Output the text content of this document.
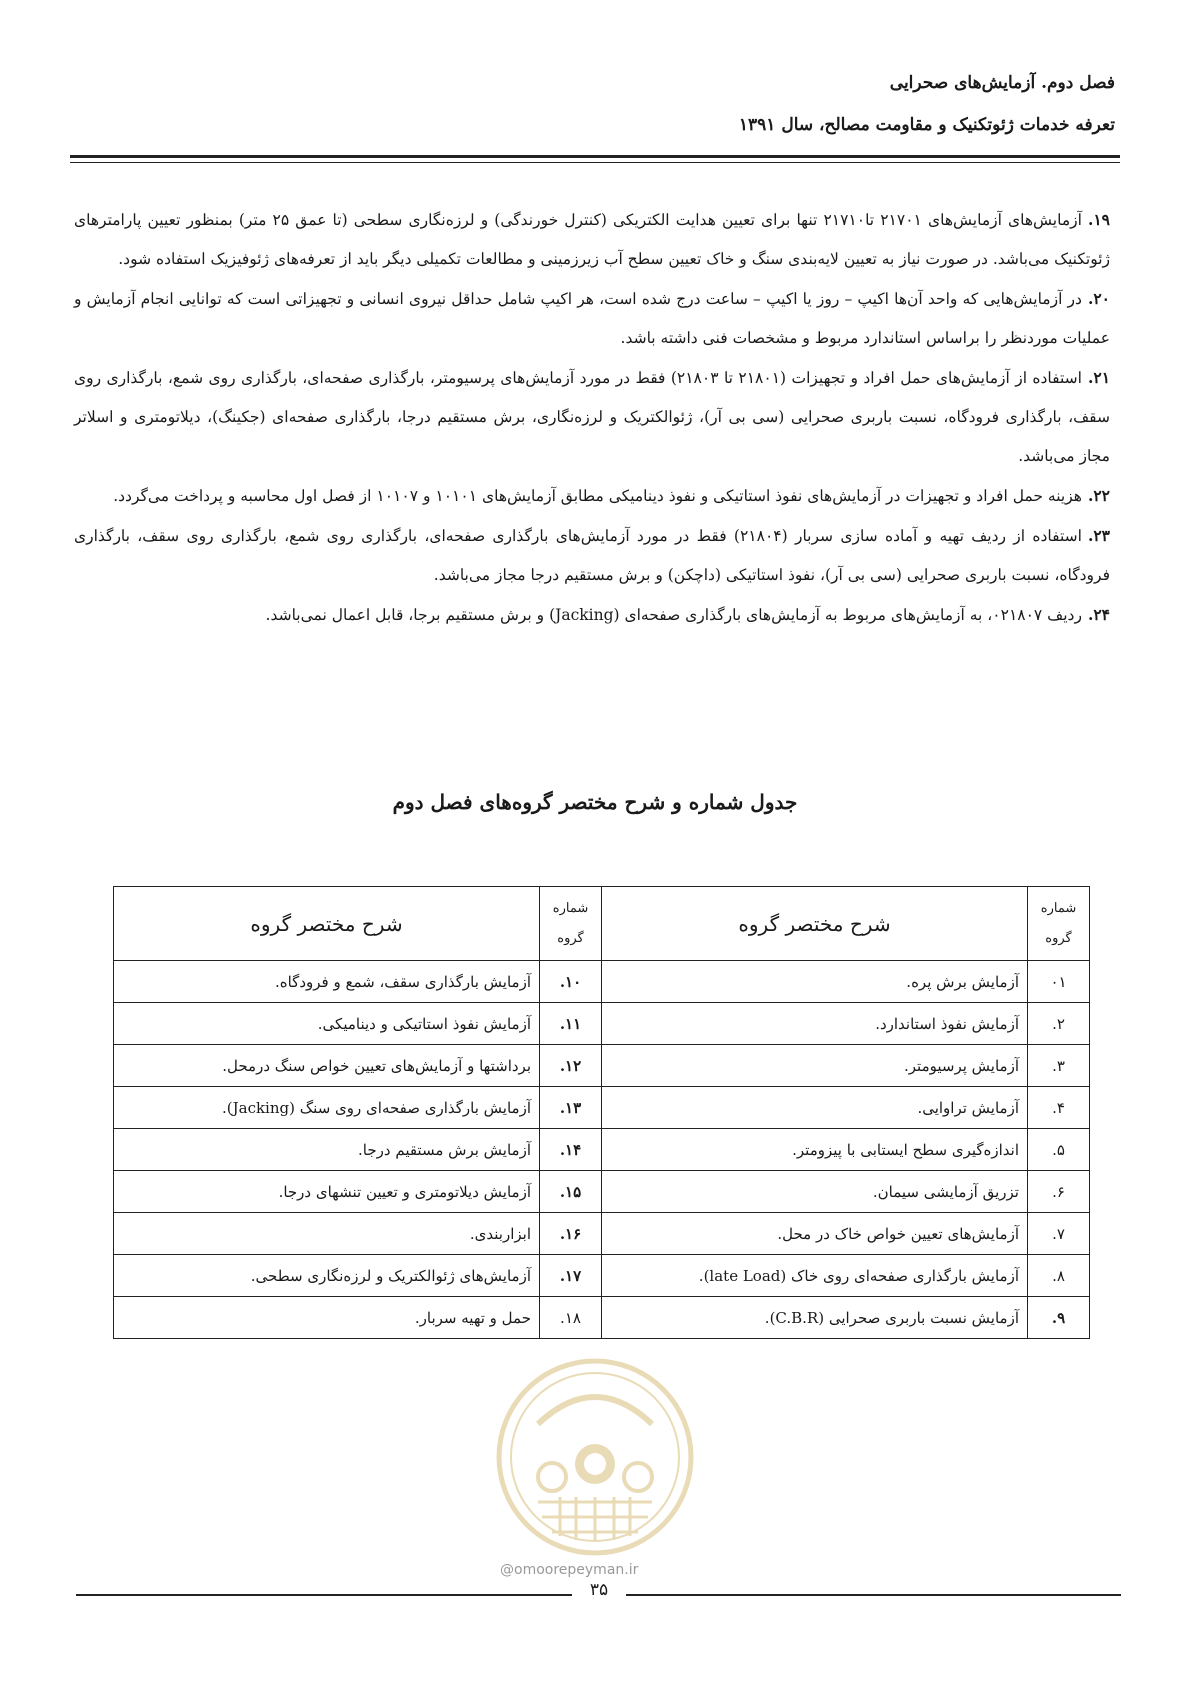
فصل دوم. آزمایش‌های صحرایی
تعرفه خدمات ژئوتکنیک و مقاومت مصالح، سال ۱۳۹۱

۱۹.آزمایش‌های آزمایش‌های ۲۱۷۰۱ تا۲۱۷۱۰ تنها برای تعیین هدایت الکتریکی (کنترل خورندگی) و لرزه‌نگاری سطحی (تا عمق ۲۵ متر) بمنظور تعیین پارامترهای ژئوتکنیک می‌باشد. در صورت نیاز به تعیین لایه‌بندی سنگ و خاک تعیین سطح آب زیرزمینی و مطالعات تکمیلی دیگر باید از تعرفه‌های ژئوفیزیک استفاده شود.

۲۰.در آزمایش‌هایی که واحد آن‌ها اکیپ – روز یا اکیپ – ساعت درج شده است، هر اکیپ شامل حداقل نیروی انسانی و تجهیزاتی است که توانایی انجام آزمایش و عملیات موردنظر را براساس استاندارد مربوط و مشخصات فنی داشته باشد.

۲۱.استفاده از آزمایش‌های حمل افراد و تجهیزات (۲۱۸۰۱ تا ۲۱۸۰۳) فقط در مورد آزمایش‌های پرسیومتر، بارگذاری صفحه‌ای، بارگذاری روی شمع، بارگذاری روی سقف، بارگذاری فرودگاه، نسبت باربری صحرایی (سی بی آر)، ژئوالکتریک و لرزه‌نگاری، برش مستقیم درجا، بارگذاری صفحه‌ای (جکینگ)، دیلاتومتری و اسلاتر مجاز می‌باشد.

۲۲.هزینه حمل افراد و تجهیزات در آزمایش‌های نفوذ استاتیکی و نفوذ دینامیکی مطابق آزمایش‌های ۱۰۱۰۱ و ۱۰۱۰۷ از فصل اول محاسبه و پرداخت می‌گردد.

۲۳.استفاده از ردیف تهیه و آماده سازی سربار (۲۱۸۰۴) فقط در مورد آزمایش‌های بارگذاری صفحه‌ای، بارگذاری روی شمع، بارگذاری روی سقف، بارگذاری فرودگاه، نسبت باربری صحرایی (سی بی آر)، نفوذ استاتیکی (داچکن) و برش مستقیم درجا مجاز می‌باشد.

۲۴.ردیف ۰۲۱۸۰۷، به آزمایش‌های مربوط به آزمایش‌های بارگذاری صفحه‌ای (Jacking) و برش مستقیم برجا، قابل اعمال نمی‌باشد.

جدول شماره و شرح مختصر گروه‌های فصل دوم
شماره گروه	شرح مختصر گروه	شماره گروه	شرح مختصر گروه
۰۱	آزمایش برش پره.	۱۰.	آزمایش بارگذاری سقف، شمع و فرودگاه.
۲.	آزمایش نفوذ استاندارد.	۱۱.	آزمایش نفوذ استاتیکی و دینامیکی.
۳.	آزمایش پرسیومتر.	۱۲.	برداشتها و آزمایش‌های تعیین خواص سنگ درمحل.
۴.	آزمایش تراوایی.	۱۳.	آزمایش بارگذاری صفحه‌ای روی سنگ (Jacking).
۵.	اندازه‌گیری سطح ایستابی با پیزومتر.	۱۴.	آزمایش برش مستقیم درجا.
۶.	تزریق آزمایشی سیمان.	۱۵.	آزمایش دیلاتومتری و تعیین تنشهای درجا.
۷.	آزمایش‌های تعیین خواص خاک در محل.	۱۶.	ابزاربندی.
۸.	آزمایش بارگذاری صفحه‌ای روی خاک (late Load).	۱۷.	آزمایش‌های ژئوالکتریک و لرزه‌نگاری سطحی.
۹.	آزمایش نسبت باربری صحرایی (C.B.R).	۱۸.	حمل و تهیه سربار.
@omoorepeyman.ir
۳۵
